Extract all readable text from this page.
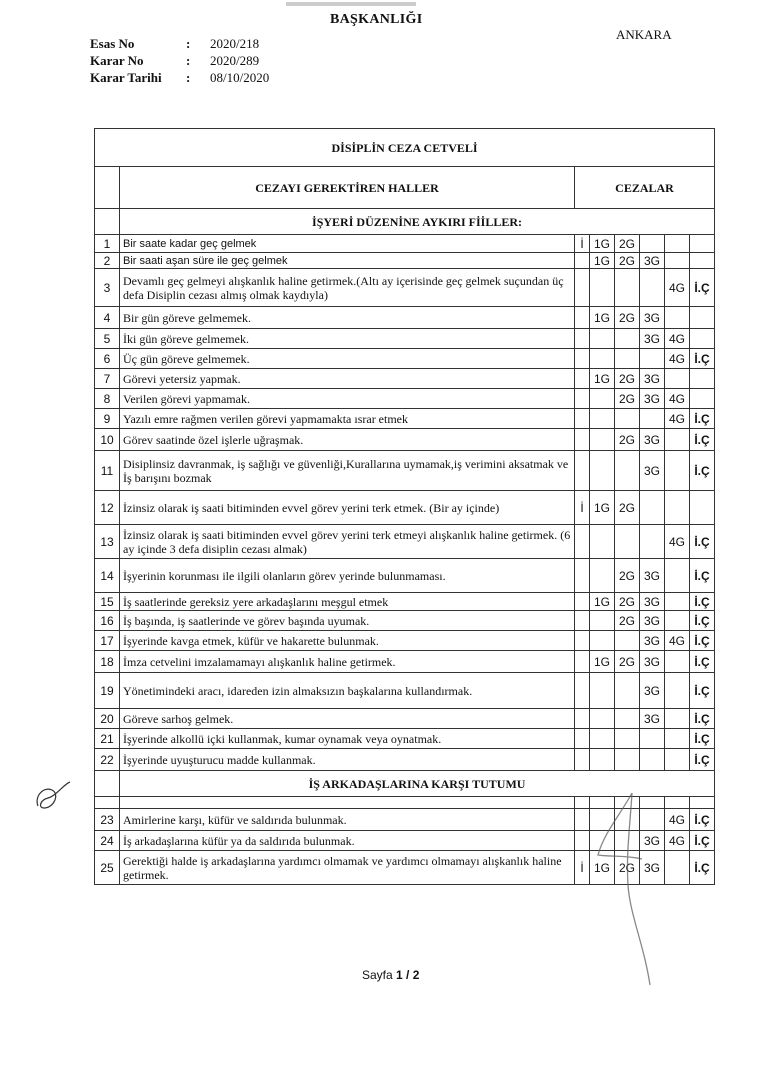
BAŞKANLIĞI
ANKARA
Esas No	:	2020/218
Karar No	:	2020/289
Karar Tarihi	:	08/10/2020
DİSİPLİN CEZA CETVELİ							
	CEZAYI GEREKTİREN HALLER	CEZALAR					
	İŞYERİ DÜZENİNE AYKIRI FİİLLER:						
1	Bir saate kadar geç gelmek	İ	1G	2G			
2	Bir saati aşan süre ile geç gelmek		1G	2G	3G		
3	Devamlı geç gelmeyi alışkanlık haline getirmek.(Altı ay içerisinde geç gelmek suçundan üç defa Disiplin cezası almış olmak kaydıyla)					4G	İ.Ç
4	Bir gün göreve gelmemek.		1G	2G	3G		
5	İki gün göreve gelmemek.				3G	4G	
6	Üç gün göreve gelmemek.					4G	İ.Ç
7	Görevi yetersiz yapmak.		1G	2G	3G		
8	Verilen görevi yapmamak.			2G	3G	4G	
9	Yazılı emre rağmen verilen görevi yapmamakta ısrar etmek					4G	İ.Ç
10	Görev saatinde özel işlerle uğraşmak.			2G	3G		İ.Ç
11	Disiplinsiz davranmak, iş sağlığı ve güvenliği,Kurallarına uymamak,iş verimini aksatmak ve İş barışını bozmak				3G		İ.Ç
12	İzinsiz olarak iş saati bitiminden evvel görev yerini terk etmek. (Bir ay içinde)	İ	1G	2G			
13	İzinsiz olarak iş saati bitiminden evvel görev yerini terk etmeyi alışkanlık haline getirmek. (6 ay içinde 3 defa disiplin cezası almak)					4G	İ.Ç
14	İşyerinin korunması ile ilgili olanların görev yerinde bulunmaması.			2G	3G		İ.Ç
15	İş saatlerinde gereksiz yere arkadaşlarını meşgul etmek		1G	2G	3G		İ.Ç
16	İş başında, iş saatlerinde ve görev başında uyumak.			2G	3G		İ.Ç
17	İşyerinde kavga etmek, küfür ve hakarette bulunmak.				3G	4G	İ.Ç
18	İmza cetvelini imzalamamayı alışkanlık haline getirmek.		1G	2G	3G		İ.Ç
19	Yönetimindeki aracı, idareden izin almaksızın başkalarına kullandırmak.				3G		İ.Ç
20	Göreve sarhoş gelmek.				3G		İ.Ç
21	İşyerinde alkollü içki kullanmak, kumar oynamak veya oynatmak.						İ.Ç
22	İşyerinde uyuşturucu madde kullanmak.						İ.Ç
	İŞ ARKADAŞLARINA KARŞI TUTUMU						

23	Amirlerine karşı, küfür ve saldırıda bulunmak.					4G	İ.Ç
24	İş arkadaşlarına küfür ya da saldırıda bulunmak.				3G	4G	İ.Ç
25	Gerektiği halde iş arkadaşlarına yardımcı olmamak ve yardımcı olmamayı alışkanlık haline getirmek.	İ	1G	2G	3G		İ.Ç
Sayfa 1 / 2
